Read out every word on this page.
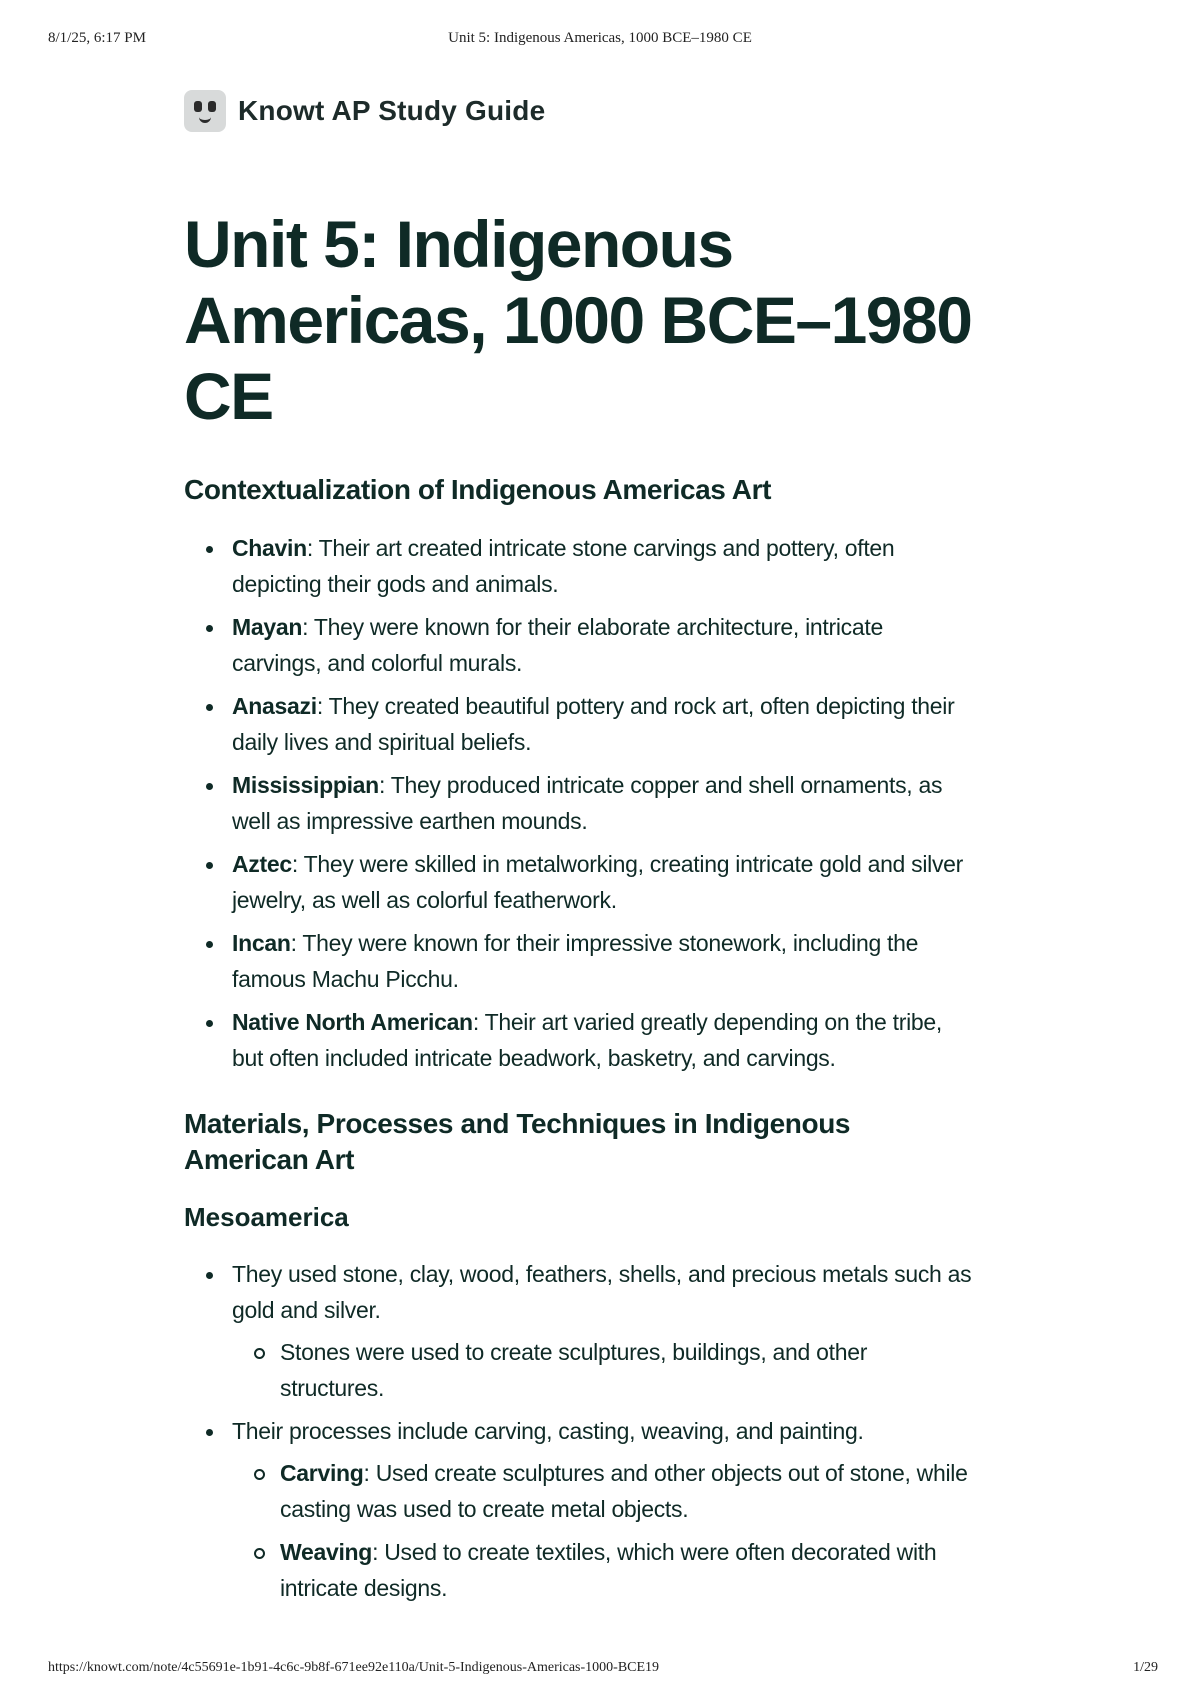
8/1/25, 6:17 PM	Unit 5: Indigenous Americas, 1000 BCE–1980 CE
Knowt AP Study Guide
Unit 5: Indigenous Americas, 1000 BCE–1980 CE
Contextualization of Indigenous Americas Art
Chavin: Their art created intricate stone carvings and pottery, often depicting their gods and animals.
Mayan: They were known for their elaborate architecture, intricate carvings, and colorful murals.
Anasazi: They created beautiful pottery and rock art, often depicting their daily lives and spiritual beliefs.
Mississippian: They produced intricate copper and shell ornaments, as well as impressive earthen mounds.
Aztec: They were skilled in metalworking, creating intricate gold and silver jewelry, as well as colorful featherwork.
Incan: They were known for their impressive stonework, including the famous Machu Picchu.
Native North American: Their art varied greatly depending on the tribe, but often included intricate beadwork, basketry, and carvings.
Materials, Processes and Techniques in Indigenous American Art
Mesoamerica
They used stone, clay, wood, feathers, shells, and precious metals such as gold and silver.
Stones were used to create sculptures, buildings, and other structures.
Their processes include carving, casting, weaving, and painting.
Carving: Used create sculptures and other objects out of stone, while casting was used to create metal objects.
Weaving: Used to create textiles, which were often decorated with intricate designs.
https://knowt.com/note/4c55691e-1b91-4c6c-9b8f-671ee92e110a/Unit-5-Indigenous-Americas-1000-BCE19	1/29
